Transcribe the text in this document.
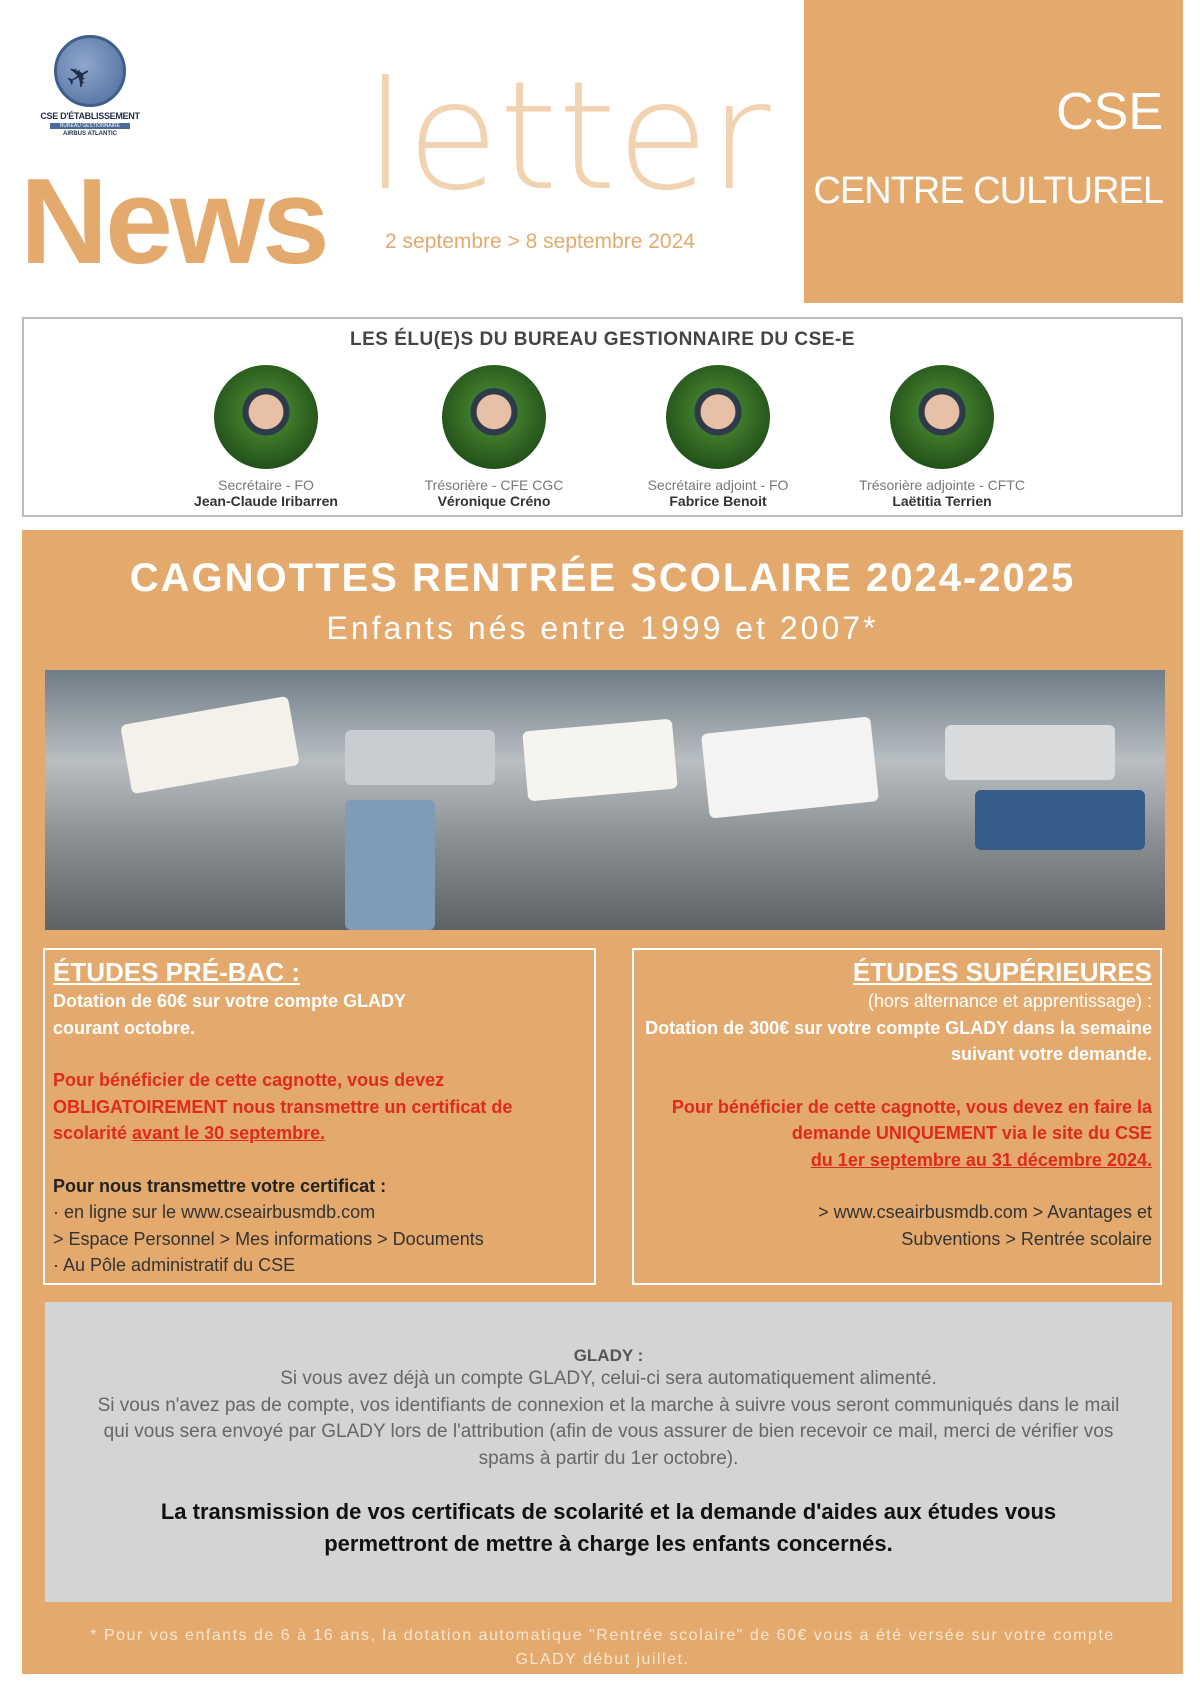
✈
CSE D'ÉTABLISSEMENT
BUREAU GESTIONNAIRE
AIRBUS ATLANTIC letter
News	2 septembre > 8 septembre 2024
CSE
CENTRE CULTUREL
LES ÉLU(E)S DU BUREAU GESTIONNAIRE DU CSE-E
Secrétaire - FO
Jean-Claude Iribarren
Trésorière - CFE CGC
Véronique Créno
Secrétaire adjoint - FO
Fabrice Benoit
Trésorière adjointe - CFTC
Laëtitia Terrien
CAGNOTTES RENTRÉE SCOLAIRE 2024-2025
Enfants nés entre 1999 et 2007*
ÉTUDES PRÉ-BAC :
Dotation de 60€ sur votre compte GLADY courant octobre.
Pour bénéficier de cette cagnotte, vous devez OBLIGATOIREMENT nous transmettre un certificat de scolarité avant le 30 septembre.
Pour nous transmettre votre certificat :
· en ligne sur le www.cseairbusmdb.com
> Espace Personnel > Mes informations > Documents
· Au Pôle administratif du CSE
ÉTUDES SUPÉRIEURES
(hors alternance et apprentissage) :
Dotation de 300€ sur votre compte GLADY dans la semaine suivant votre demande.
Pour bénéficier de cette cagnotte, vous devez en faire la demande UNIQUEMENT via le site du CSE
du 1er septembre au 31 décembre 2024.
> www.cseairbusmdb.com > Avantages et Subventions > Rentrée scolaire
GLADY :
Si vous avez déjà un compte GLADY, celui-ci sera automatiquement alimenté.
Si vous n'avez pas de compte, vos identifiants de connexion et la marche à suivre vous seront communiqués dans le mail qui vous sera envoyé par GLADY lors de l'attribution (afin de vous assurer de bien recevoir ce mail, merci de vérifier vos spams à partir du 1er octobre).
La transmission de vos certificats de scolarité et la demande d'aides aux études vous permettront de mettre à charge les enfants concernés.
* Pour vos enfants de 6 à 16 ans, la dotation automatique "Rentrée scolaire" de 60€ vous a été versée sur votre compte GLADY début juillet.
